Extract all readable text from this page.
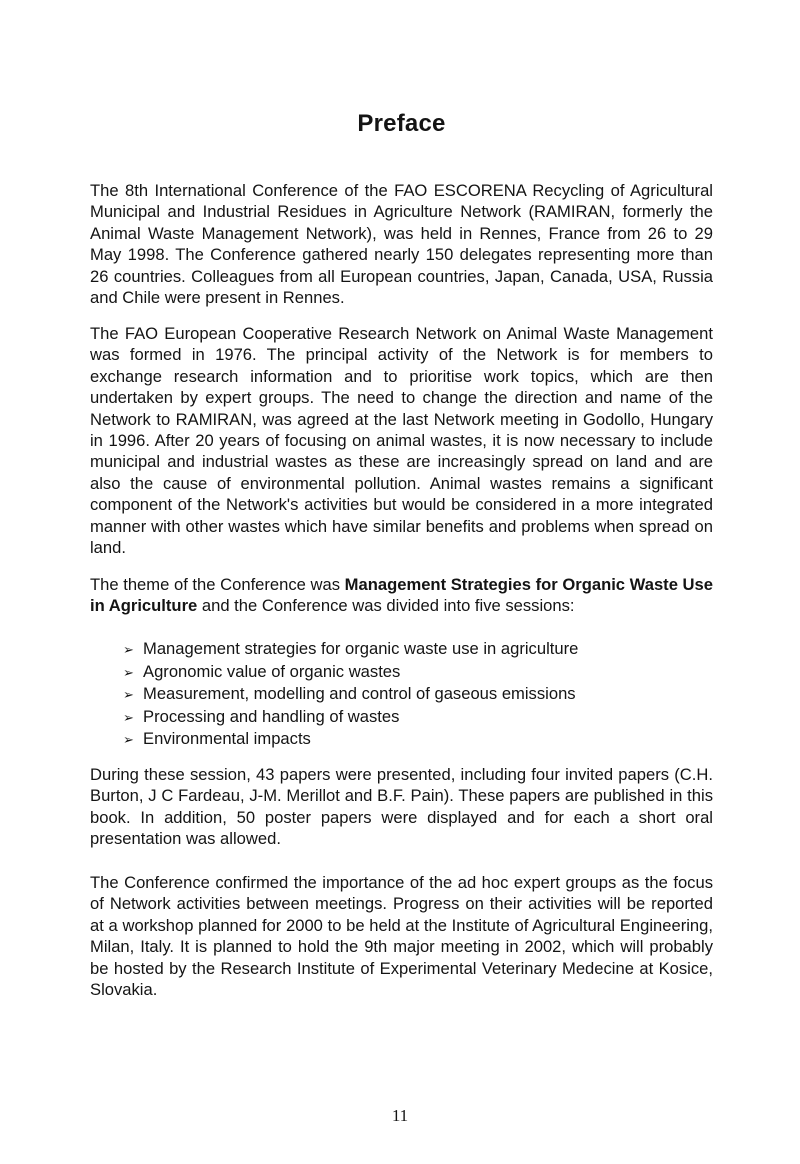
Preface

The 8th International Conference of the FAO ESCORENA Recycling of Agricultural Municipal and Industrial Residues in Agriculture Network (RAMIRAN, formerly the Animal Waste Management Network), was held in Rennes, France from 26 to 29 May 1998. The Conference gathered nearly 150 delegates representing more than 26 countries. Colleagues from all European countries, Japan, Canada, USA, Russia and Chile were present in Rennes.

The FAO European Cooperative Research Network on Animal Waste Management was formed in 1976. The principal activity of the Network is for members to exchange research information and to prioritise work topics, which are then undertaken by expert groups. The need to change the direction and name of the Network to RAMIRAN, was agreed at the last Network meeting in Godollo, Hungary in 1996. After 20 years of focusing on animal wastes, it is now necessary to include municipal and industrial wastes as these are increasingly spread on land and are also the cause of environmental pollution. Animal wastes remains a significant component of the Network's activities but would be considered in a more integrated manner with other wastes which have similar benefits and problems when spread on land.

The theme of the Conference was Management Strategies for Organic Waste Use in Agriculture and the Conference was divided into five sessions:

➢ Management strategies for organic waste use in agriculture
➢ Agronomic value of organic wastes
➢ Measurement, modelling and control of gaseous emissions
➢ Processing and handling of wastes
➢ Environmental impacts

During these session, 43 papers were presented, including four invited papers (C.H. Burton, J C Fardeau, J-M. Merillot and B.F. Pain). These papers are published in this book. In addition, 50 poster papers were displayed and for each a short oral presentation was allowed.

The Conference confirmed the importance of the ad hoc expert groups as the focus of Network activities between meetings. Progress on their activities will be reported at a workshop planned for 2000 to be held at the Institute of Agricultural Engineering, Milan, Italy. It is planned to hold the 9th major meeting in 2002, which will probably be hosted by the Research Institute of Experimental Veterinary Medecine at Kosice, Slovakia.

11
